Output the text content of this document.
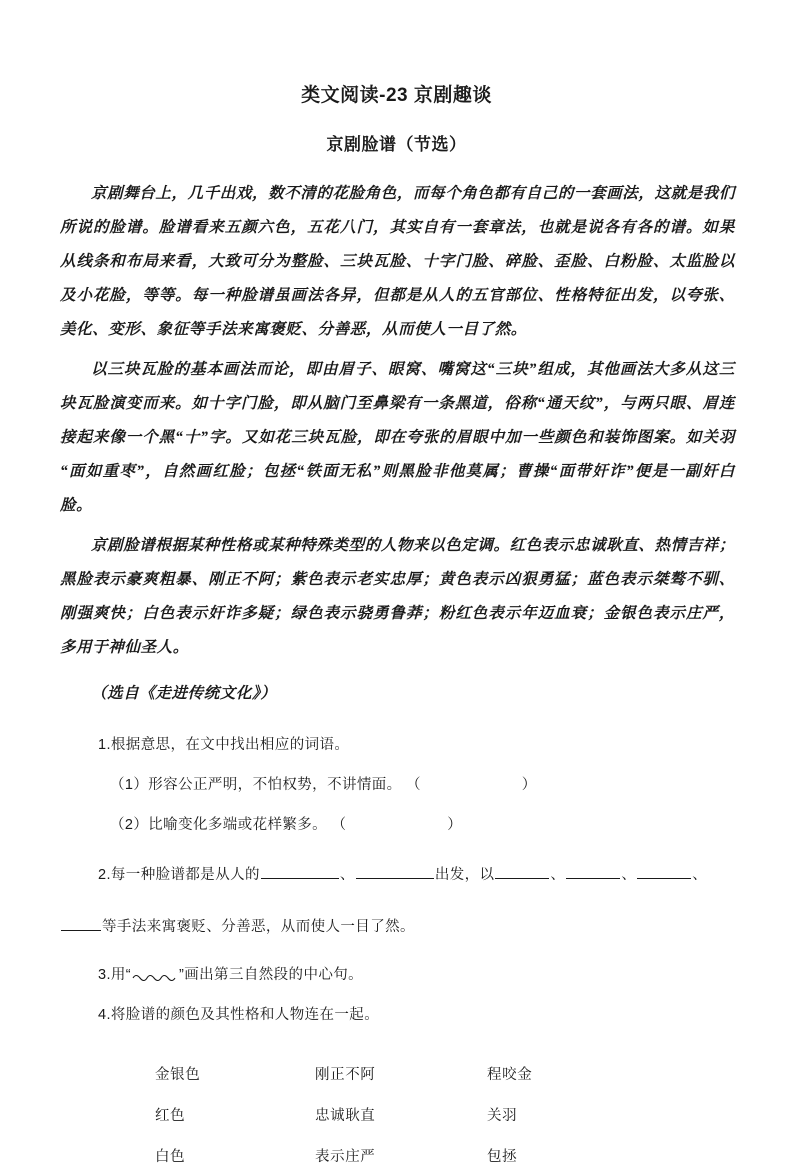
类文阅读-23 京剧趣谈
京剧脸谱（节选）

京剧舞台上，几千出戏，数不清的花脸角色，而每个角色都有自己的一套画法，这就是我们所说的脸谱。脸谱看来五颜六色，五花八门，其实自有一套章法，也就是说各有各的谱。如果从线条和布局来看，大致可分为整脸、三块瓦脸、十字门脸、碎脸、歪脸、白粉脸、太监脸以及小花脸，等等。每一种脸谱虽画法各异，但都是从人的五官部位、性格特征出发，以夸张、美化、变形、象征等手法来寓褒贬、分善恶，从而使人一目了然。

以三块瓦脸的基本画法而论，即由眉子、眼窝、嘴窝这“三块”组成，其他画法大多从这三块瓦脸演变而来。如十字门脸，即从脑门至鼻梁有一条黑道，俗称“通天纹”，与两只眼、眉连接起来像一个黑“十”字。又如花三块瓦脸，即在夸张的眉眼中加一些颜色和装饰图案。如关羽“面如重枣”，自然画红脸；包拯“铁面无私”则黑脸非他莫属；曹操“面带奸诈”便是一副奸白脸。

京剧脸谱根据某种性格或某种特殊类型的人物来以色定调。红色表示忠诚耿直、热情吉祥；黑脸表示豪爽粗暴、刚正不阿；紫色表示老实忠厚；黄色表示凶狠勇猛；蓝色表示桀骜不驯、刚强爽快；白色表示奸诈多疑；绿色表示骁勇鲁莽；粉红色表示年迈血衰；金银色表示庄严，多用于神仙圣人。

（选自《走进传统文化》）

1.根据意思，在文中找出相应的词语。
（1）形容公正严明，不怕权势，不讲情面。 （	）
（2）比喻变化多端或花样繁多。 （	）
2.每一种脸谱都是从人的	、	出发，以	、	、	、
等手法来寓褒贬、分善恶，从而使人一目了然。
3.用“	”画出第三自然段的中心句。
4.将脸谱的颜色及其性格和人物连在一起。
金银色	刚正不阿	程咬金
红色	忠诚耿直	关羽
白色	表示庄严	包拯
